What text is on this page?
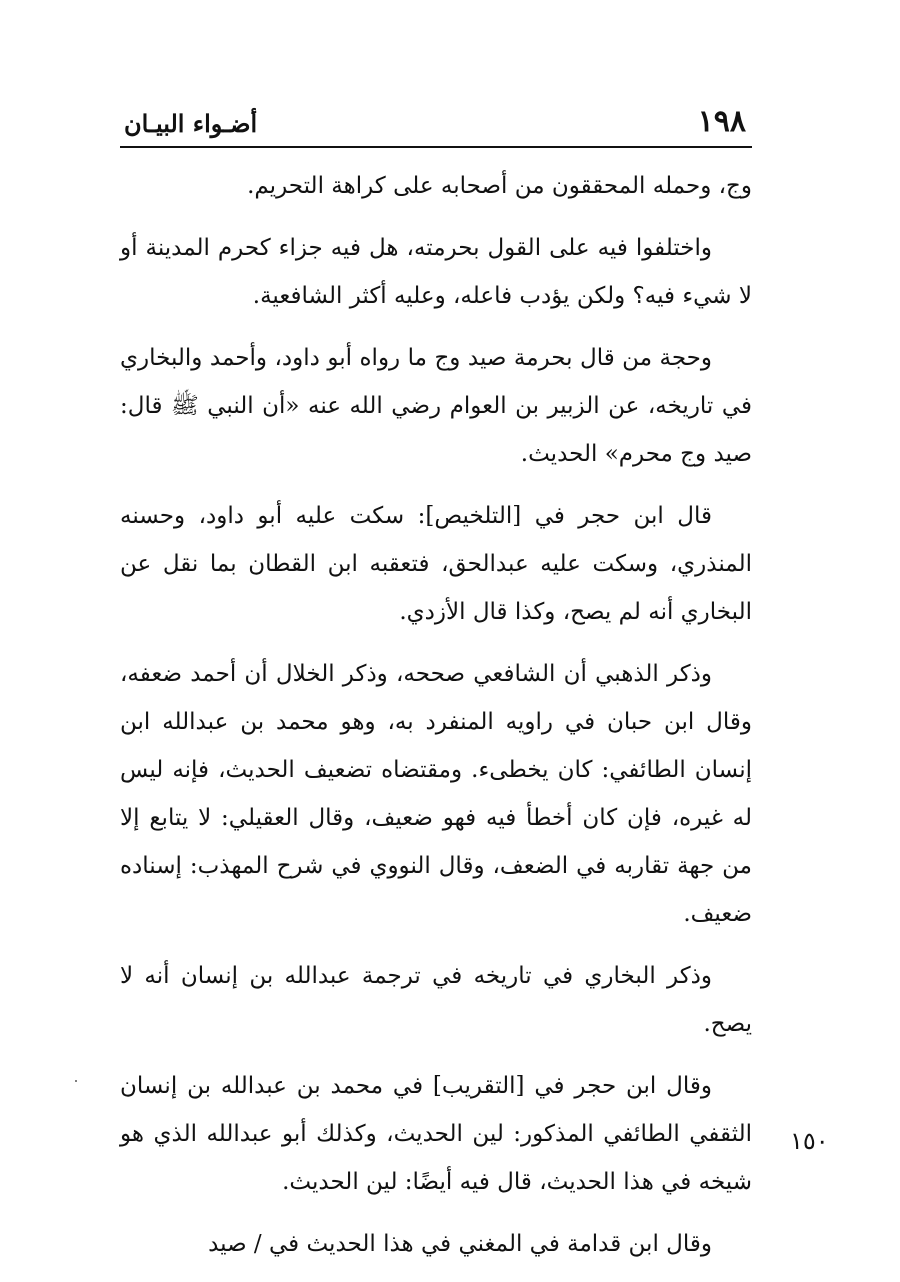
١٩٨
أضـواء البيـان

وج، وحمله المحققون من أصحابه على كراهة التحريم.

واختلفوا فيه على القول بحرمته، هل فيه جزاء كحرم المدينة أو لا شيء فيه؟ ولكن يؤدب فاعله، وعليه أكثر الشافعية.

وحجة من قال بحرمة صيد وج ما رواه أبو داود، وأحمد والبخاري في تاريخه، عن الزبير بن العوام رضي الله عنه «أن النبي ﷺ قال: صيد وج محرم» الحديث.

قال ابن حجر في [التلخيص]: سكت عليه أبو داود، وحسنه المنذري، وسكت عليه عبدالحق، فتعقبه ابن القطان بما نقل عن البخاري أنه لم يصح، وكذا قال الأزدي.

وذكر الذهبي أن الشافعي صححه، وذكر الخلال أن أحمد ضعفه، وقال ابن حبان في راويه المنفرد به، وهو محمد بن عبدالله ابن إنسان الطائفي: كان يخطىء. ومقتضاه تضعيف الحديث، فإنه ليس له غيره، فإن كان أخطأ فيه فهو ضعيف، وقال العقيلي: لا يتابع إلا من جهة تقاربه في الضعف، وقال النووي في شرح المهذب: إسناده ضعيف.

وذكر البخاري في تاريخه في ترجمة عبدالله بن إنسان أنه لا يصح.

وقال ابن حجر في [التقريب] في محمد بن عبدالله بن إنسان الثقفي الطائفي المذكور: لين الحديث، وكذلك أبو عبدالله الذي هو شيخه في هذا الحديث، قال فيه أيضًا: لين الحديث.

وقال ابن قدامة في المغني في هذا الحديث في / صيد

١٥٠
